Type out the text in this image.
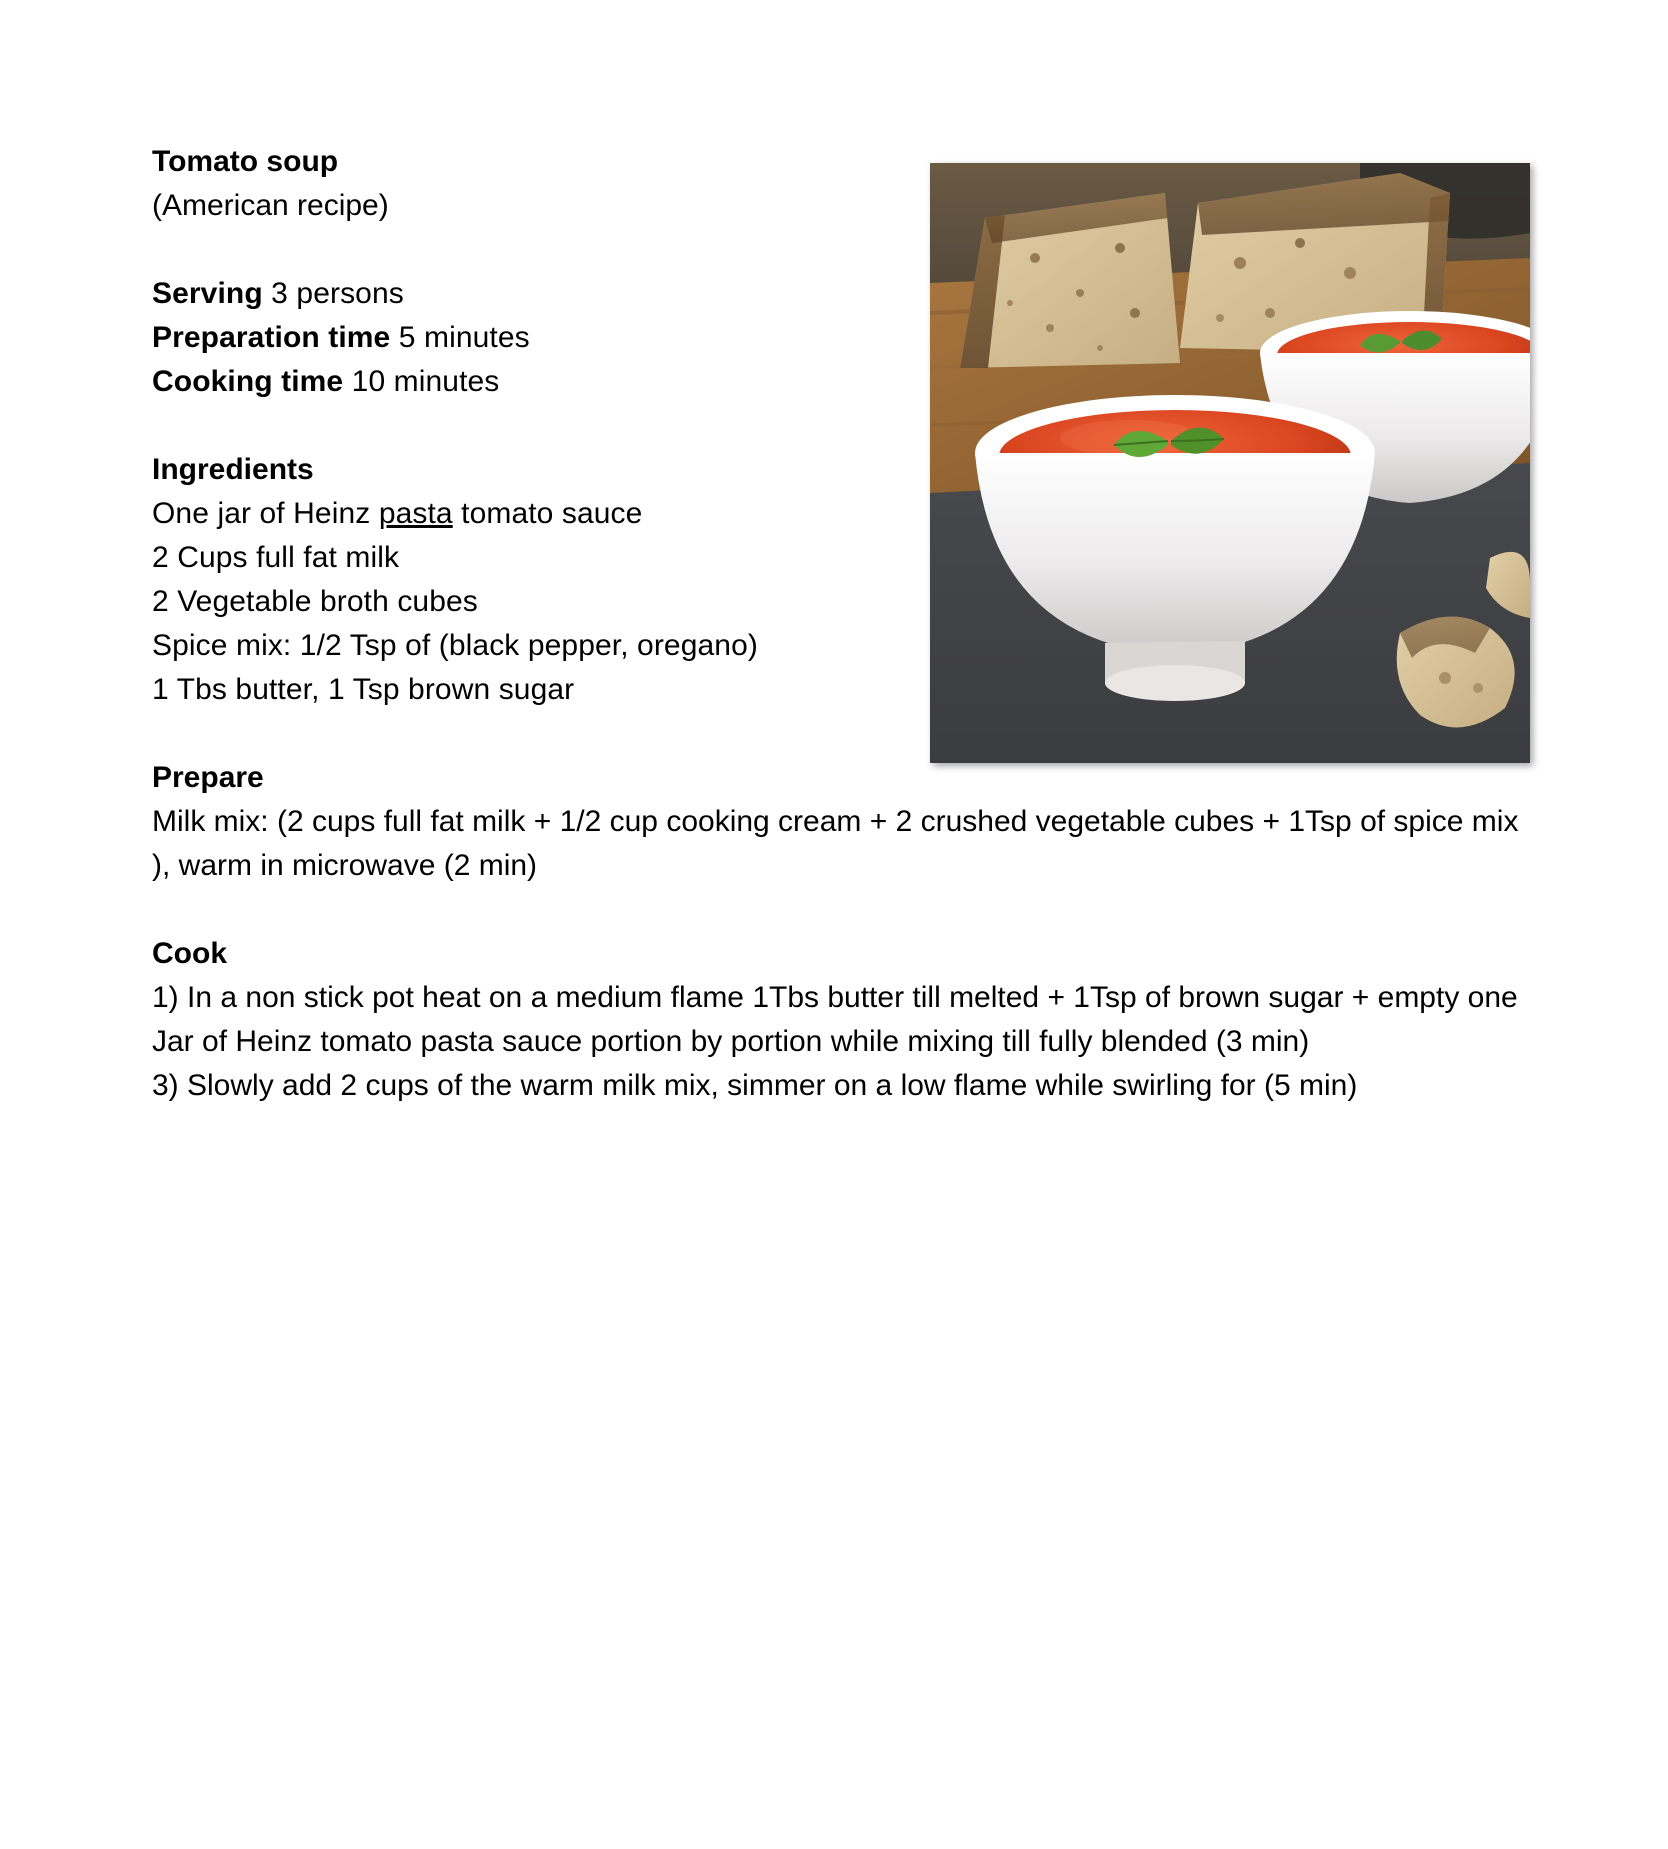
Tomato soup
(American recipe)
Serving 3 persons
Preparation time 5 minutes
Cooking time 10 minutes
Ingredients
One jar of Heinz pasta tomato sauce
2 Cups full fat milk
2 Vegetable broth cubes
Spice mix: 1/2 Tsp of (black pepper, oregano)
1 Tbs butter, 1 Tsp brown sugar
Prepare
Milk mix: (2 cups full fat milk + 1/2 cup cooking cream + 2 crushed vegetable cubes + 1Tsp of spice mix ), warm in microwave (2 min)
Cook
1) In a non stick pot heat on a medium flame 1Tbs butter till melted + 1Tsp of brown sugar + empty one Jar of Heinz tomato pasta sauce portion by portion while mixing till fully blended (3 min)
3) Slowly add 2 cups of the warm milk mix, simmer on a low flame while swirling for (5 min)
